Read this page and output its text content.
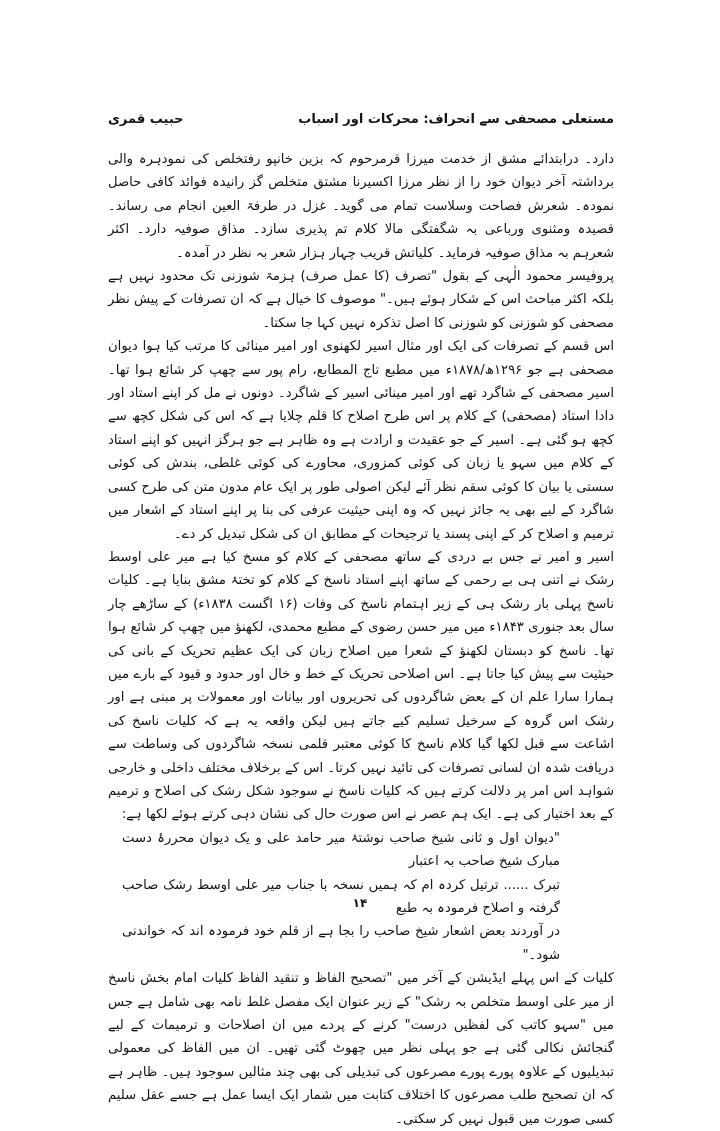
مستعلی مصحفی سے انحراف: محرکات اور اسباب
حبیب قمری

دارد۔ درابتدائے مشق از خدمت میرزا قرمرحوم کہ بزین خانپو رفتخلص کی نمودہرہ والی برداشتہ آخر دیوان خود را از نظر مرزا اکسیرنا مشتق متخلص گز رانیدہ فوائد کافی حاصل نمودہ۔ شعرش فصاحت وسلاست تمام می گوید۔ غزل در طرفۃ العین انجام می رساند۔ قصیدہ ومثنوی ورباعی بہ شگفتگی مالا کلام تم پذیری سازد۔ مذاق صوفیہ دارد۔ اکثر شعرہم بہ مذاق صوفیہ فرماید۔ کلیاتش قریب چہار ہزار شعر بہ نظر در آمدہ۔

پروفیسر محمود الٰہی کے بقول "تصرف (کا عمل صرف) ہزمۃ شوزنی تک محدود نہیں ہے بلکہ اکثر مباحث اس کے شکار ہوئے ہیں۔" موصوف کا خیال ہے کہ ان تصرفات کے پیش نظر مصحفی کو شوزنی کو شوزنی کا اصل تذکرہ نہیں کہا جا سکتا۔

اس قسم کے تصرفات کی ایک اور مثال اسیر لکھنوی اور امیر مینائی کا مرتب کیا ہوا دیوان مصحفی ہے جو ۱۲۹۶ھ/۱۸۷۸ء میں مطبع تاج المطابع، رام پور سے چھپ کر شائع ہوا تھا۔ اسیر مصحفی کے شاگرد تھے اور امیر مینائی اسیر کے شاگرد۔ دونوں نے مل کر اپنے استاد اور دادا استاد (مصحفی) کے کلام پر اس طرح اصلاح کا قلم چلایا ہے کہ اس کی شکل کچھ سے کچھ ہو گئی ہے۔ اسیر کے جو عقیدت و ارادت ہے وہ ظاہر ہے جو ہرگز انہیں کو اپنے استاد کے کلام میں سہو یا زبان کی کوئی کمزوری، محاورے کی کوئی غلطی، بندش کی کوئی سستی یا بیان کا کوئی سقم نظر آئے لیکن اصولی طور پر ایک عام مدون متن کی طرح کسی شاگرد کے لیے بھی یہ جائز نہیں کہ وہ اپنی حیثیت عرفی کی بنا پر اپنے استاد کے اشعار میں ترمیم و اصلاح کر کے اپنی پسند یا ترجیحات کے مطابق ان کی شکل تبدیل کر دے۔

اسیر و امیر نے جس بے دردی کے ساتھ مصحفی کے کلام کو مسخ کیا ہے میر علی اوسط رشک نے اتنی ہی بے رحمی کے ساتھ اپنے استاد ناسخ کے کلام کو تختۂ مشق بنایا ہے۔ کلیات ناسخ پہلی بار رشک ہی کے زیر اہتمام ناسخ کی وفات (۱۶ اگست ۱۸۳۸ء) کے ساڑھے چار سال بعد جنوری ۱۸۴۳ء میں میر حسن رضوی کے مطبع محمدی، لکھنؤ میں چھپ کر شائع ہوا تھا۔ ناسخ کو دبستان لکھنؤ کے شعرا میں اصلاح زبان کی ایک عظیم تحریک کے بانی کی حیثیت سے پیش کیا جاتا ہے۔ اس اصلاحی تحریک کے خط و خال اور حدود و قیود کے بارے میں ہمارا سارا علم ان کے بعض شاگردوں کی تحریروں اور بیانات اور معمولات پر مبنی ہے اور رشک اس گروہ کے سرخیل تسلیم کیے جاتے ہیں لیکن واقعہ یہ ہے کہ کلیات ناسخ کی اشاعت سے قبل لکھا گیا کلام ناسخ کا کوئی معتبر قلمی نسخہ شاگردوں کی وساطت سے دریافت شدہ ان لسانی تصرفات کی تائید نہیں کرتا۔ اس کے برخلاف مختلف داخلی و خارجی شواہد اس امر پر دلالت کرتے ہیں کہ کلیات ناسخ نے سوجود شکل رشک کی اصلاح و ترمیم کے بعد اختیار کی ہے۔ ایک ہم عصر نے اس صورت حال کی نشان دہی کرتے ہوئے لکھا ہے:

"دیوان اول و ثانی شیخ صاحب نوشتۂ میر حامد علی و یک دیوان محررۂ دست مبارک شیخ صاحب بہ اعتبار

تبرک ...... ترتیل کردہ ام کہ ہمیں نسخہ با جناب میر علی اوسط رشک صاحب گرفتہ و اصلاح فرمودہ بہ طبع

در آوردند بعض اشعار شیخ صاحب را بجا ہے از قلم خود فرمودہ اند کہ خواندنی شود۔"

کلیات کے اس پہلے ایڈیشن کے آخر میں "تصحیح الفاظ و تنقید الفاظ کلیات امام بخش ناسخ از میر علی اوسط متخلص بہ رشک" کے زیر عنوان ایک مفصل غلط نامہ بھی شامل ہے جس میں "سہو کاتب کی لفظیں درست" کرنے کے پردے میں ان اصلاحات و ترمیمات کے لیے گنجائش نکالی گئی ہے جو پہلی نظر میں چھوٹ گئی تھیں۔ ان میں الفاظ کی معمولی تبدیلیوں کے علاوہ پورے پورے مصرعوں کی تبدیلی کی بھی چند مثالیں سوجود ہیں۔ ظاہر ہے کہ ان تصحیح طلب مصرعوں کا اختلاف کتابت میں شمار ایک ایسا عمل ہے جسے عقل سلیم کسی صورت میں قبول نہیں کر سکتی۔

۱۴
